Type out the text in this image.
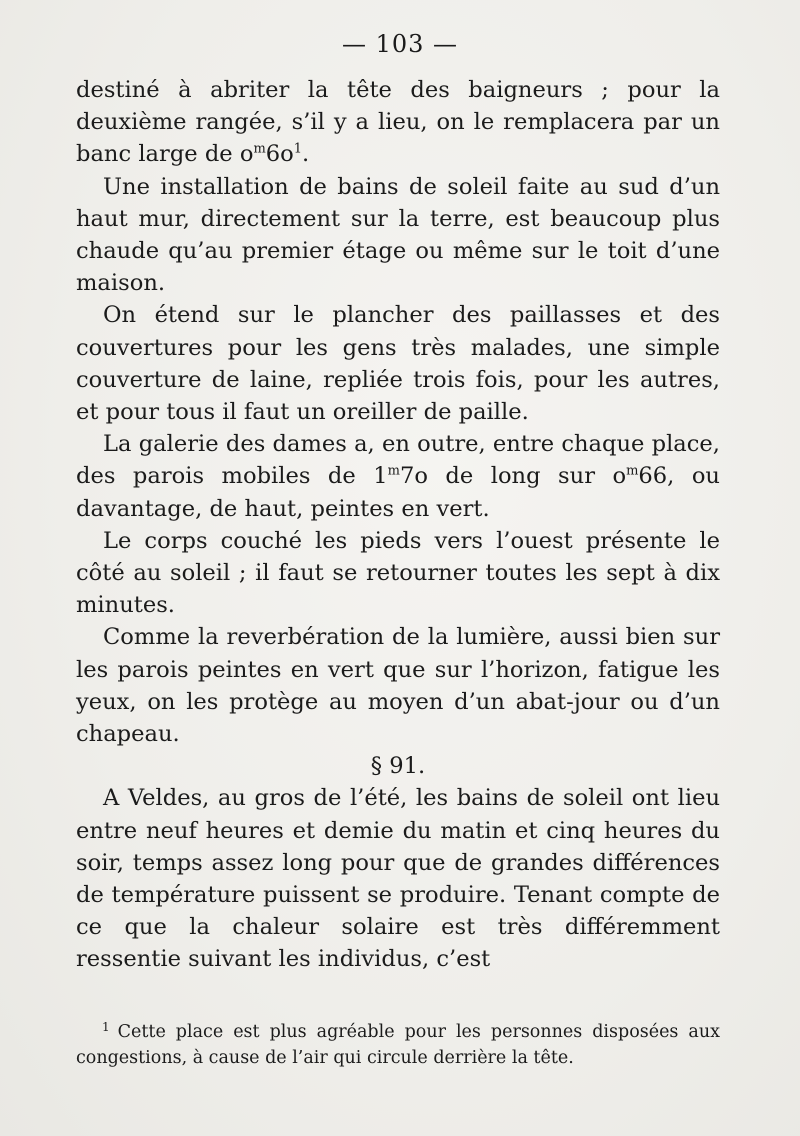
— 103 —

destiné à abriter la tête des baigneurs ; pour la deuxième rangée, s’il y a lieu, on le remplacera par un banc large de $o^m6o^1$.

Une installation de bains de soleil faite au sud d’un haut mur, directement sur la terre, est beaucoup plus chaude qu’au premier étage ou même sur le toit d’une maison.

On étend sur le plancher des paillasses et des couvertures pour les gens très malades, une simple couverture de laine, repliée trois fois, pour les autres, et pour tous il faut un oreiller de paille.

La galerie des dames a, en outre, entre chaque place, des parois mobiles de 1$^m$7o de long sur $o^m66$, ou davantage, de haut, peintes en vert.

Le corps couché les pieds vers l’ouest présente le côté au soleil ; il faut se retourner toutes les sept à dix minutes.

Comme la reverbération de la lumière, aussi bien sur les parois peintes en vert que sur l’horizon, fatigue les yeux, on les protège au moyen d’un abat-jour ou d’un chapeau.

§ 91.

A Veldes, au gros de l’été, les bains de soleil ont lieu entre neuf heures et demie du matin et cinq heures du soir, temps assez long pour que de grandes différences de température puissent se produire. Tenant compte de ce que la chaleur solaire est très différemment ressentie suivant les individus, c’est

1 Cette place est plus agréable pour les personnes disposées aux congestions, à cause de l’air qui circule derrière la tête.
